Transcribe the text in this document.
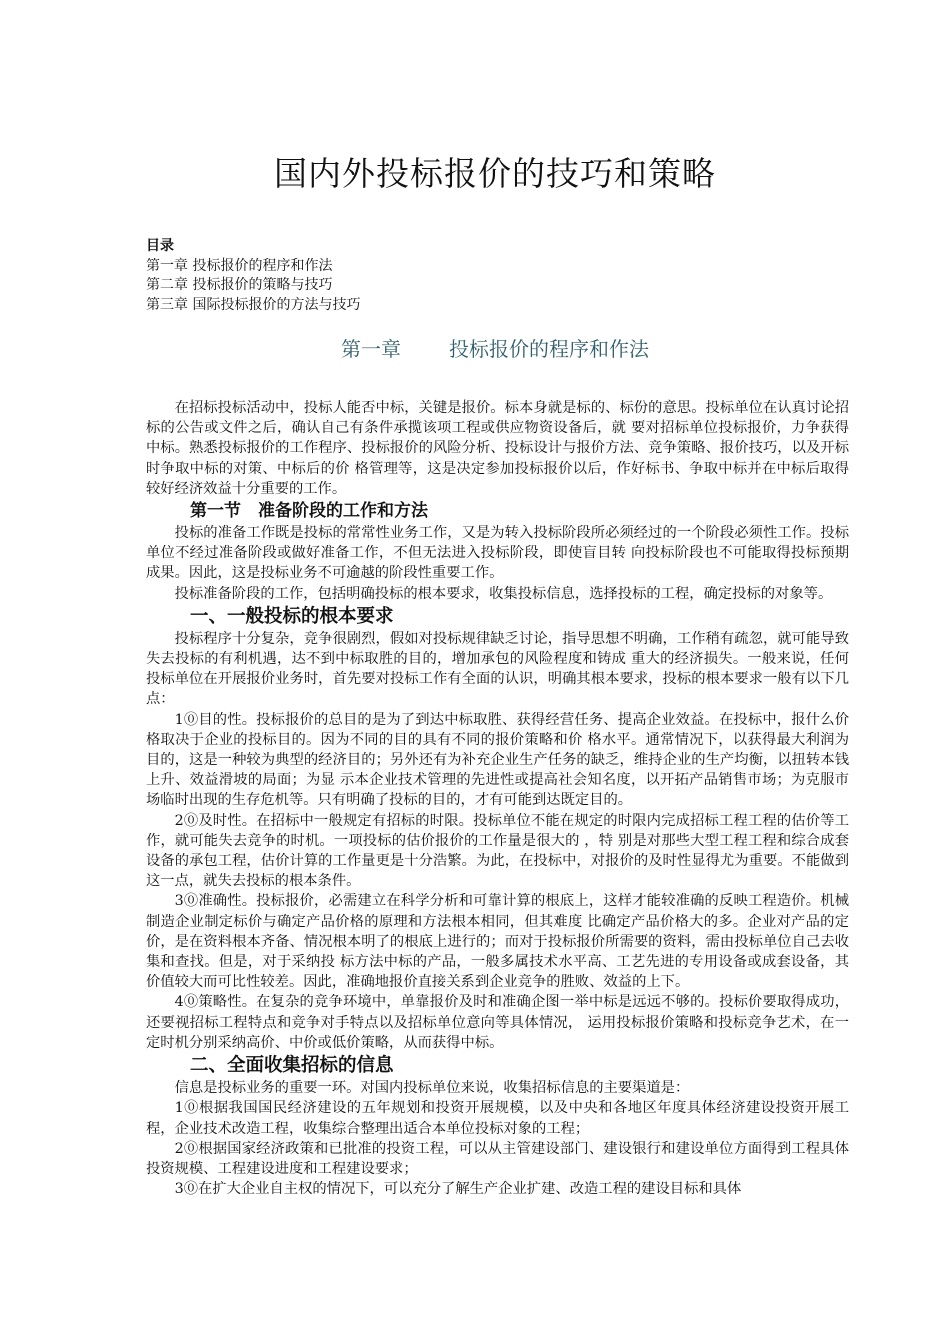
国内外投标报价的技巧和策略
目录
第一章 投标报价的程序和作法
第二章 投标报价的策略与技巧
第三章 国际投标报价的方法与技巧
第一章 投标报价的程序和作法
在招标投标活动中，投标人能否中标，关键是报价。标本身就是标的、标份的意思。投标单位在认真讨论招标的公告或文件之后，确认自己有条件承揽该项工程或供应物资设备后，就 要对招标单位投标报价，力争获得中标。熟悉投标报价的工作程序、投标报价的风险分析、投标设计与报价方法、竞争策略、报价技巧，以及开标时争取中标的对策、中标后的价 格管理等，这是决定参加投标报价以后，作好标书、争取中标并在中标后取得较好经济效益十分重要的工作。
第一节　准备阶段的工作和方法
投标的准备工作既是投标的常常性业务工作，又是为转入投标阶段所必须经过的一个阶段必须性工作。投标单位不经过准备阶段或做好准备工作，不但无法进入投标阶段，即使盲目转 向投标阶段也不可能取得投标预期成果。因此，这是投标业务不可逾越的阶段性重要工作。
投标准备阶段的工作，包括明确投标的根本要求，收集投标信息，选择投标的工程，确定投标的对象等。
一、一般投标的根本要求
投标程序十分复杂，竞争很剧烈，假如对投标规律缺乏讨论，指导思想不明确，工作稍有疏忽，就可能导致失去投标的有利机遇，达不到中标取胜的目的，增加承包的风险程度和铸成 重大的经济损失。一般来说，任何投标单位在开展报价业务时，首先要对投标工作有全面的认识，明确其根本要求，投标的根本要求一般有以下几点：
1⓪目的性。投标报价的总目的是为了到达中标取胜、获得经营任务、提高企业效益。在投标中，报什么价格取决于企业的投标目的。因为不同的目的具有不同的报价策略和价 格水平。通常情况下，以获得最大利润为目的，这是一种较为典型的经济目的；另外还有为补充企业生产任务的缺乏，维持企业的生产均衡，以扭转本钱上升、效益滑坡的局面；为显 示本企业技术管理的先进性或提高社会知名度，以开拓产品销售市场；为克服市场临时出现的生存危机等。只有明确了投标的目的，才有可能到达既定目的。
2⓪及时性。在招标中一般规定有招标的时限。投标单位不能在规定的时限内完成招标工程工程的估价等工作，就可能失去竞争的时机。一项投标的估价报价的工作量是很大的 ，特 别是对那些大型工程工程和综合成套设备的承包工程，估价计算的工作量更是十分浩繁。为此，在投标中，对报价的及时性显得尤为重要。不能做到这一点，就失去投标的根本条件。
3⓪准确性。投标报价，必需建立在科学分析和可靠计算的根底上，这样才能较准确的反映工程造价。机械制造企业制定标价与确定产品价格的原理和方法根本相同，但其难度 比确定产品价格大的多。企业对产品的定价，是在资料根本齐备、情况根本明了的根底上进行的；而对于投标报价所需要的资料，需由投标单位自己去收集和查找。但是，对于采纳投 标方法中标的产品，一般多属技术水平高、工艺先进的专用设备或成套设备，其价值较大而可比性较差。因此，准确地报价直接关系到企业竞争的胜败、效益的上下。
4⓪策略性。在复杂的竞争环境中，单靠报价及时和准确企图一举中标是远远不够的。投标价要取得成功，还要视招标工程特点和竞争对手特点以及招标单位意向等具体情况， 运用投标报价策略和投标竞争艺术，在一定时机分别采纳高价、中价或低价策略，从而获得中标。
二、全面收集招标的信息
信息是投标业务的重要一环。对国内投标单位来说，收集招标信息的主要渠道是：
1⓪根据我国国民经济建设的五年规划和投资开展规模，以及中央和各地区年度具体经济建设投资开展工程，企业技术改造工程，收集综合整理出适合本单位投标对象的工程；
2⓪根据国家经济政策和已批准的投资工程，可以从主管建设部门、建设银行和建设单位方面得到工程具体投资规模、工程建设进度和工程建设要求；
3⓪在扩大企业自主权的情况下，可以充分了解生产企业扩建、改造工程的建设目标和具体
